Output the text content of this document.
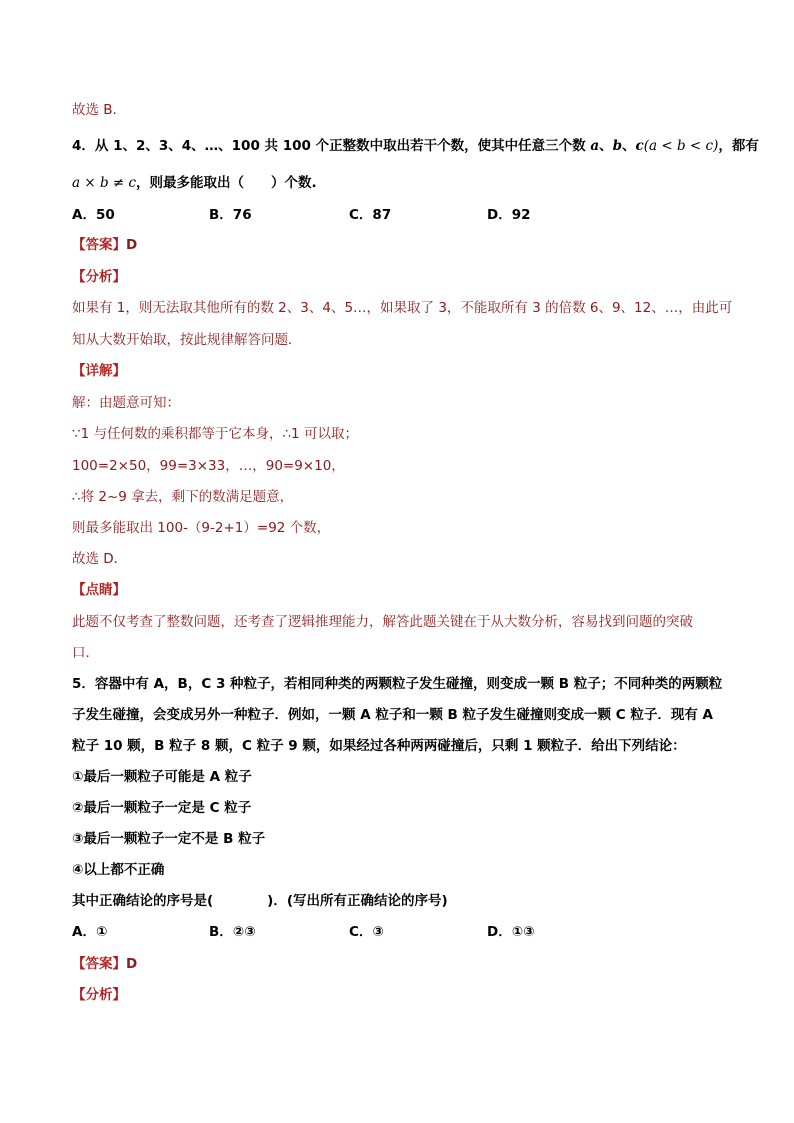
故选 B.
4．从 1、2、3、4、…、100 共 100 个正整数中取出若干个数，使其中任意三个数 a、b、c(a < b < c)，都有
a × b ≠ c，则最多能取出（　　）个数.
A．50	B．76	C．87	D．92
【答案】D
【分析】
如果有 1，则无法取其他所有的数 2、3、4、5…，如果取了 3，不能取所有 3 的倍数 6、9、12、…，由此可
知从大数开始取，按此规律解答问题．
【详解】
解：由题意可知：
∵1 与任何数的乘积都等于它本身，∴1 可以取；
100=2×50，99=3×33，…，90=9×10，
∴将 2~9 拿去，剩下的数满足题意，
则最多能取出 100-（9-2+1）=92 个数，
故选 D．
【点睛】
此题不仅考查了整数问题，还考查了逻辑推理能力，解答此题关键在于从大数分析，容易找到问题的突破
口．
5．容器中有 A，B，C 3 种粒子，若相同种类的两颗粒子发生碰撞，则变成一颗 B 粒子；不同种类的两颗粒
子发生碰撞，会变成另外一种粒子．例如，一颗 A 粒子和一颗 B 粒子发生碰撞则变成一颗 C 粒子．现有 A
粒子 10 颗，B 粒子 8 颗，C 粒子 9 颗，如果经过各种两两碰撞后，只剩 1 颗粒子．给出下列结论：
①最后一颗粒子可能是 A 粒子
②最后一颗粒子一定是 C 粒子
③最后一颗粒子一定不是 B 粒子
④以上都不正确
其中正确结论的序号是(　　　　)．(写出所有正确结论的序号)
A．①	B．②③	C．③	D．①③
【答案】D
【分析】
